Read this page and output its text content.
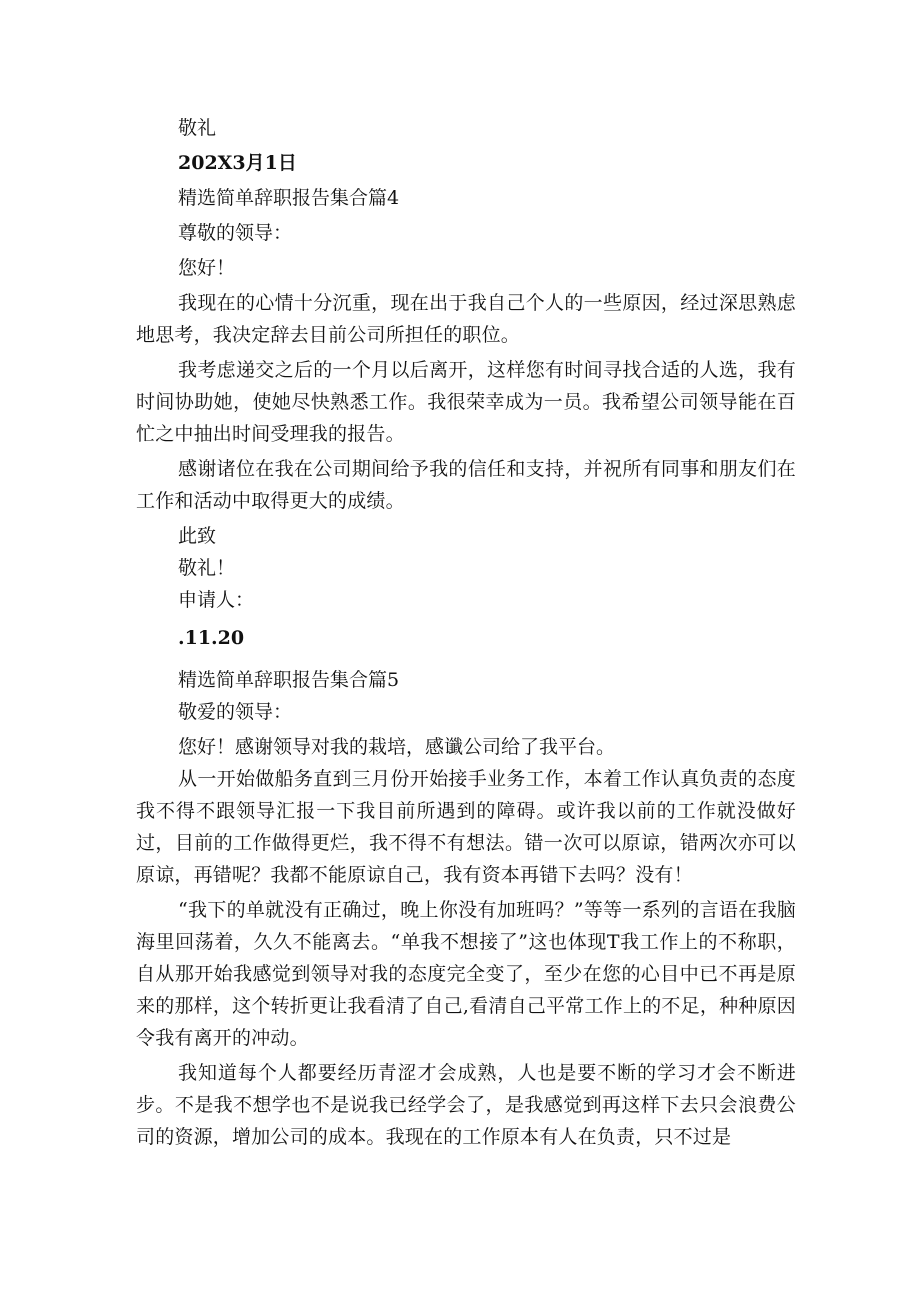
敬礼

202X3月1日

精选简单辞职报告集合篇4

尊敬的领导：

您好！

我现在的心情十分沉重，现在出于我自己个人的一些原因，经过深思熟虑地思考，我决定辞去目前公司所担任的职位。

我考虑递交之后的一个月以后离开，这样您有时间寻找合适的人选，我有时间协助她，使她尽快熟悉工作。我很荣幸成为一员。我希望公司领导能在百忙之中抽出时间受理我的报告。

感谢诸位在我在公司期间给予我的信任和支持，并祝所有同事和朋友们在工作和活动中取得更大的成绩。

此致

敬礼！

申请人：

.11.20

精选简单辞职报告集合篇5

敬爱的领导：

您好！感谢领导对我的栽培，感谶公司给了我平台。

从一开始做船务直到三月份开始接手业务工作，本着工作认真负责的态度我不得不跟领导汇报一下我目前所遇到的障碍。或许我以前的工作就没做好过，目前的工作做得更烂，我不得不有想法。错一次可以原谅，错两次亦可以原谅，再错呢？我都不能原谅自己，我有资本再错下去吗？没有！

“我下的单就没有正确过，晚上你没有加班吗？”等等一系列的言语在我脑海里回荡着，久久不能离去。“单我不想接了”这也体现T我工作上的不称职，自从那开始我感觉到领导对我的态度完全变了，至少在您的心目中已不再是原来的那样，这个转折更让我看清了自己,看清自己平常工作上的不足，种种原因令我有离开的冲动。

我知道每个人都要经历青涩才会成熟，人也是要不断的学习才会不断进步。不是我不想学也不是说我已经学会了，是我感觉到再这样下去只会浪费公司的资源，增加公司的成本。我现在的工作原本有人在负责，只不过是
